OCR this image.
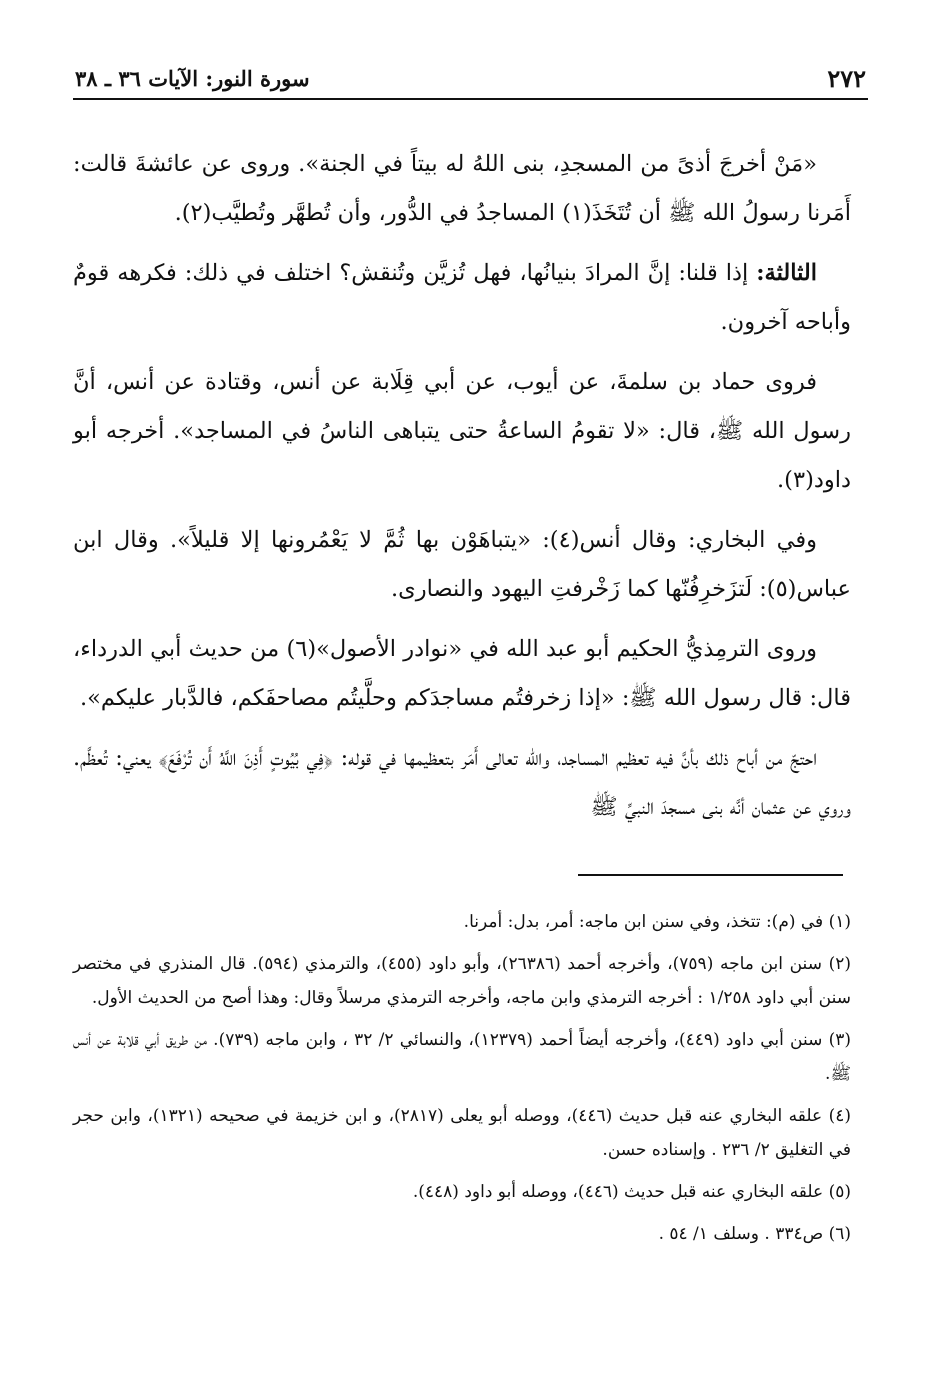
٢٧٢
سورة النور: الآيات ٣٦ ـ ٣٨

«مَنْ أخرجَ أذىً من المسجدِ، بنى اللهُ له بيتاً في الجنة». وروى عن عائشةَ قالت: أَمَرنا رسولُ الله ﷺ أن تُتَخَذَ(١) المساجدُ في الدُّور، وأن تُطهَّر وتُطيَّب(٢).

الثالثة: إذا قلنا: إنَّ المرادَ بنيانُها، فهل تُزيَّن وتُنقش؟ اختلف في ذلك: فكرهه قومٌ وأباحه آخرون.

فروى حماد بن سلمةَ، عن أيوب، عن أبي قِلَابة عن أنس، وقتادة عن أنس، أنَّ رسول الله ﷺ، قال: «لا تقومُ الساعةُ حتى يتباهى الناسُ في المساجد». أخرجه أبو داود(٣).

وفي البخاري: وقال أنس(٤): «يتباهَوْن بها ثُمَّ لا يَعْمُرونها إلا قليلاً». وقال ابن عباس(٥): لَتزَخرِفُنّها كما زَخْرفتِ اليهود والنصارى.

وروى الترمِذيُّ الحكيم أبو عبد الله في «نوادر الأصول»(٦) من حديث أبي الدرداء، قال: قال رسول الله ﷺ: «إذا زخرفتُم مساجدَكم وحلَّيتُم مصاحفَكم، فالدَّبار عليكم».

احتجّ من أباح ذلك بأنَّ فيه تعظيم المساجد، والله تعالى أَمَر بتعظيمها في قوله: ﴿فِي بُيُوتٍ أَذِنَ اللَّهُ أَن تُرْفَعَ﴾ يعني: تُعظَّم. وروي عن عثمان أنَّه بنى مسجدَ النبيِّ ﷺ

(١) في (م): تتخذ، وفي سنن ابن ماجه: أمر، بدل: أمرنا.

(٢) سنن ابن ماجه (٧٥٩)، وأخرجه أحمد (٢٦٣٨٦)، وأبو داود (٤٥٥)، والترمذي (٥٩٤). قال المنذري في مختصر سنن أبي داود ١/٢٥٨ : أخرجه الترمذي وابن ماجه، وأخرجه الترمذي مرسلاً وقال: وهذا أصح من الحديث الأول.

(٣) سنن أبي داود (٤٤٩)، وأخرجه أيضاً أحمد (١٢٣٧٩)، والنسائي ٢/ ٣٢ ، وابن ماجه (٧٣٩). من طريق أبي قلابة عن أنس ﷺ.

(٤) علقه البخاري عنه قبل حديث (٤٤٦)، ووصله أبو يعلى (٢٨١٧)، و ابن خزيمة في صحيحه (١٣٢١)، وابن حجر في التغليق ٢/ ٢٣٦ . وإسناده حسن.

(٥) علقه البخاري عنه قبل حديث (٤٤٦)، ووصله أبو داود (٤٤٨).

(٦) ص٣٣٤ . وسلف ١/ ٥٤ .
